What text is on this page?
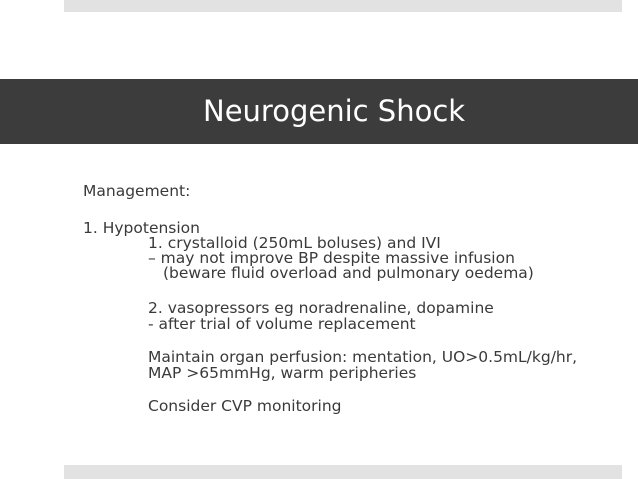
Neurogenic Shock
Management:
1. Hypotension
1. crystalloid (250mL boluses) and IVI
– may not improve BP despite massive infusion
(beware fluid overload and pulmonary oedema)
2. vasopressors eg noradrenaline, dopamine
- after trial of volume replacement
Maintain organ perfusion: mentation, UO>0.5mL/kg/hr,
MAP >65mmHg, warm peripheries
Consider CVP monitoring
